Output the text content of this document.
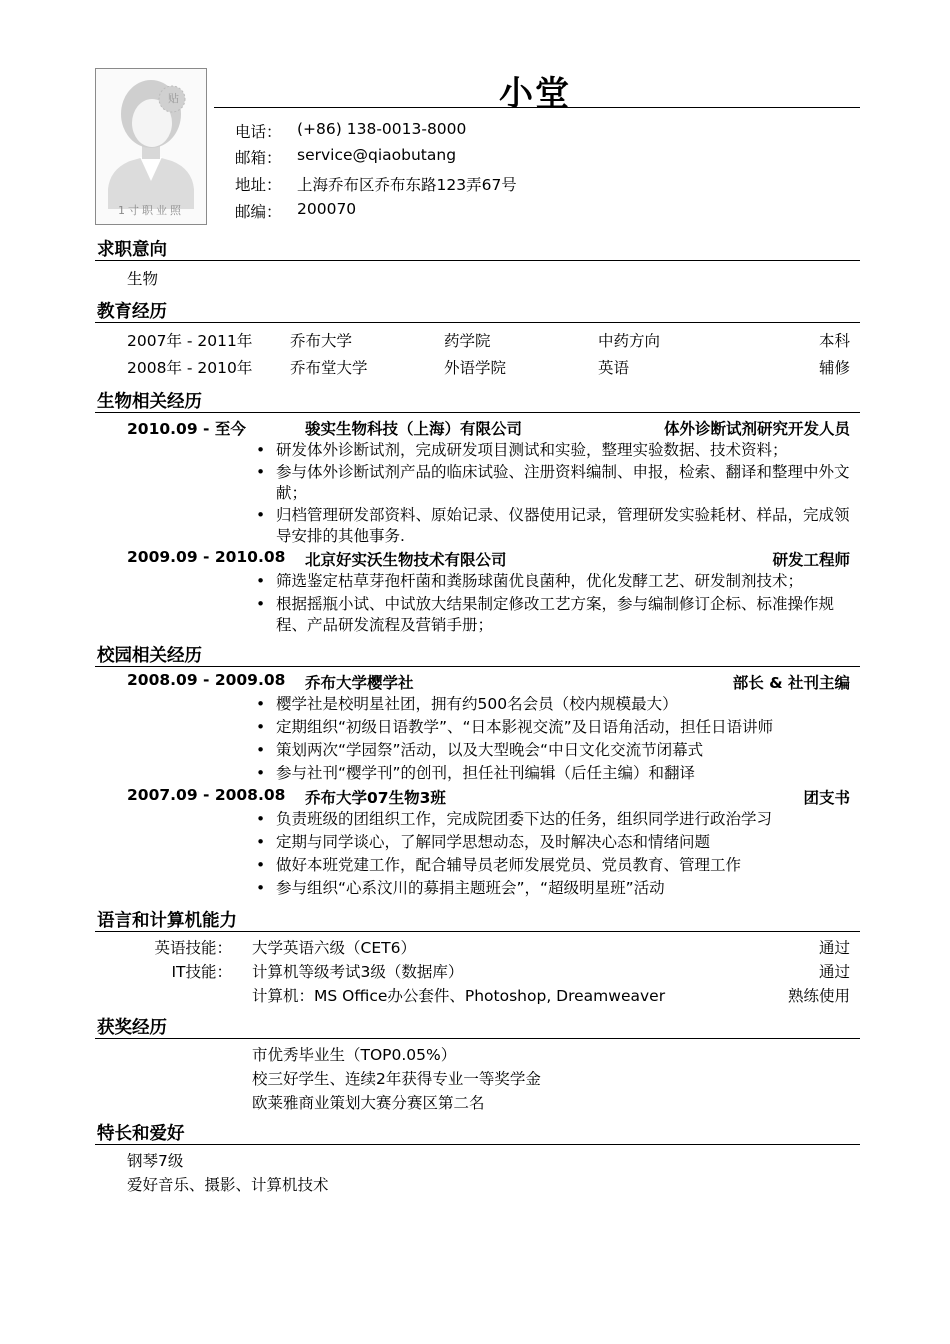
贴
1寸职业照
小堂
电话： (+86) 138-0013-8000
邮箱： service@qiaobutang
地址： 上海乔布区乔布东路123弄67号
邮编： 200070
求职意向
生物
教育经历
2007年 - 2011年 乔布大学	药学院	中药方向	本科
2008年 - 2010年 乔布堂大学	外语学院	英语	辅修
生物相关经历
2010.09 - 至今	骏实生物科技（上海）有限公司	体外诊断试剂研究开发人员
• 研发体外诊断试剂，完成研发项目测试和实验，整理实验数据、技术资料；
• 参与体外诊断试剂产品的临床试验、注册资料编制、申报，检索、翻译和整理中外文献；
• 归档管理研发部资料、原始记录、仪器使用记录，管理研发实验耗材、样品，完成领导安排的其他事务.
2009.09 - 2010.08 北京好实沃生物技术有限公司	研发工程师
• 筛选鉴定枯草芽孢杆菌和粪肠球菌优良菌种，优化发酵工艺、研发制剂技术；
• 根据摇瓶小试、中试放大结果制定修改工艺方案，参与编制修订企标、标准操作规程、产品研发流程及营销手册；
校园相关经历
2008.09 - 2009.08 乔布大学樱学社	部长 & 社刊主编
• 樱学社是校明星社团，拥有约500名会员（校内规模最大）
• 定期组织“初级日语教学”、“日本影视交流”及日语角活动，担任日语讲师
• 策划两次“学园祭”活动，以及大型晚会“中日文化交流节闭幕式
• 参与社刊“樱学刊”的创刊，担任社刊编辑（后任主编）和翻译
2007.09 - 2008.08 乔布大学07生物3班	团支书
• 负责班级的团组织工作，完成院团委下达的任务，组织同学进行政治学习
• 定期与同学谈心，了解同学思想动态，及时解决心态和情绪问题
• 做好本班党建工作，配合辅导员老师发展党员、党员教育、管理工作
• 参与组织“心系汶川的募捐主题班会”，“超级明星班”活动
语言和计算机能力
英语技能： 大学英语六级（CET6）	通过
IT技能： 计算机等级考试3级（数据库）	通过
计算机：MS Office办公套件、Photoshop, Dreamweaver	熟练使用
获奖经历
市优秀毕业生（TOP0.05%）
校三好学生、连续2年获得专业一等奖学金
欧莱雅商业策划大赛分赛区第二名
特长和爱好
钢琴7级
爱好音乐、摄影、计算机技术
